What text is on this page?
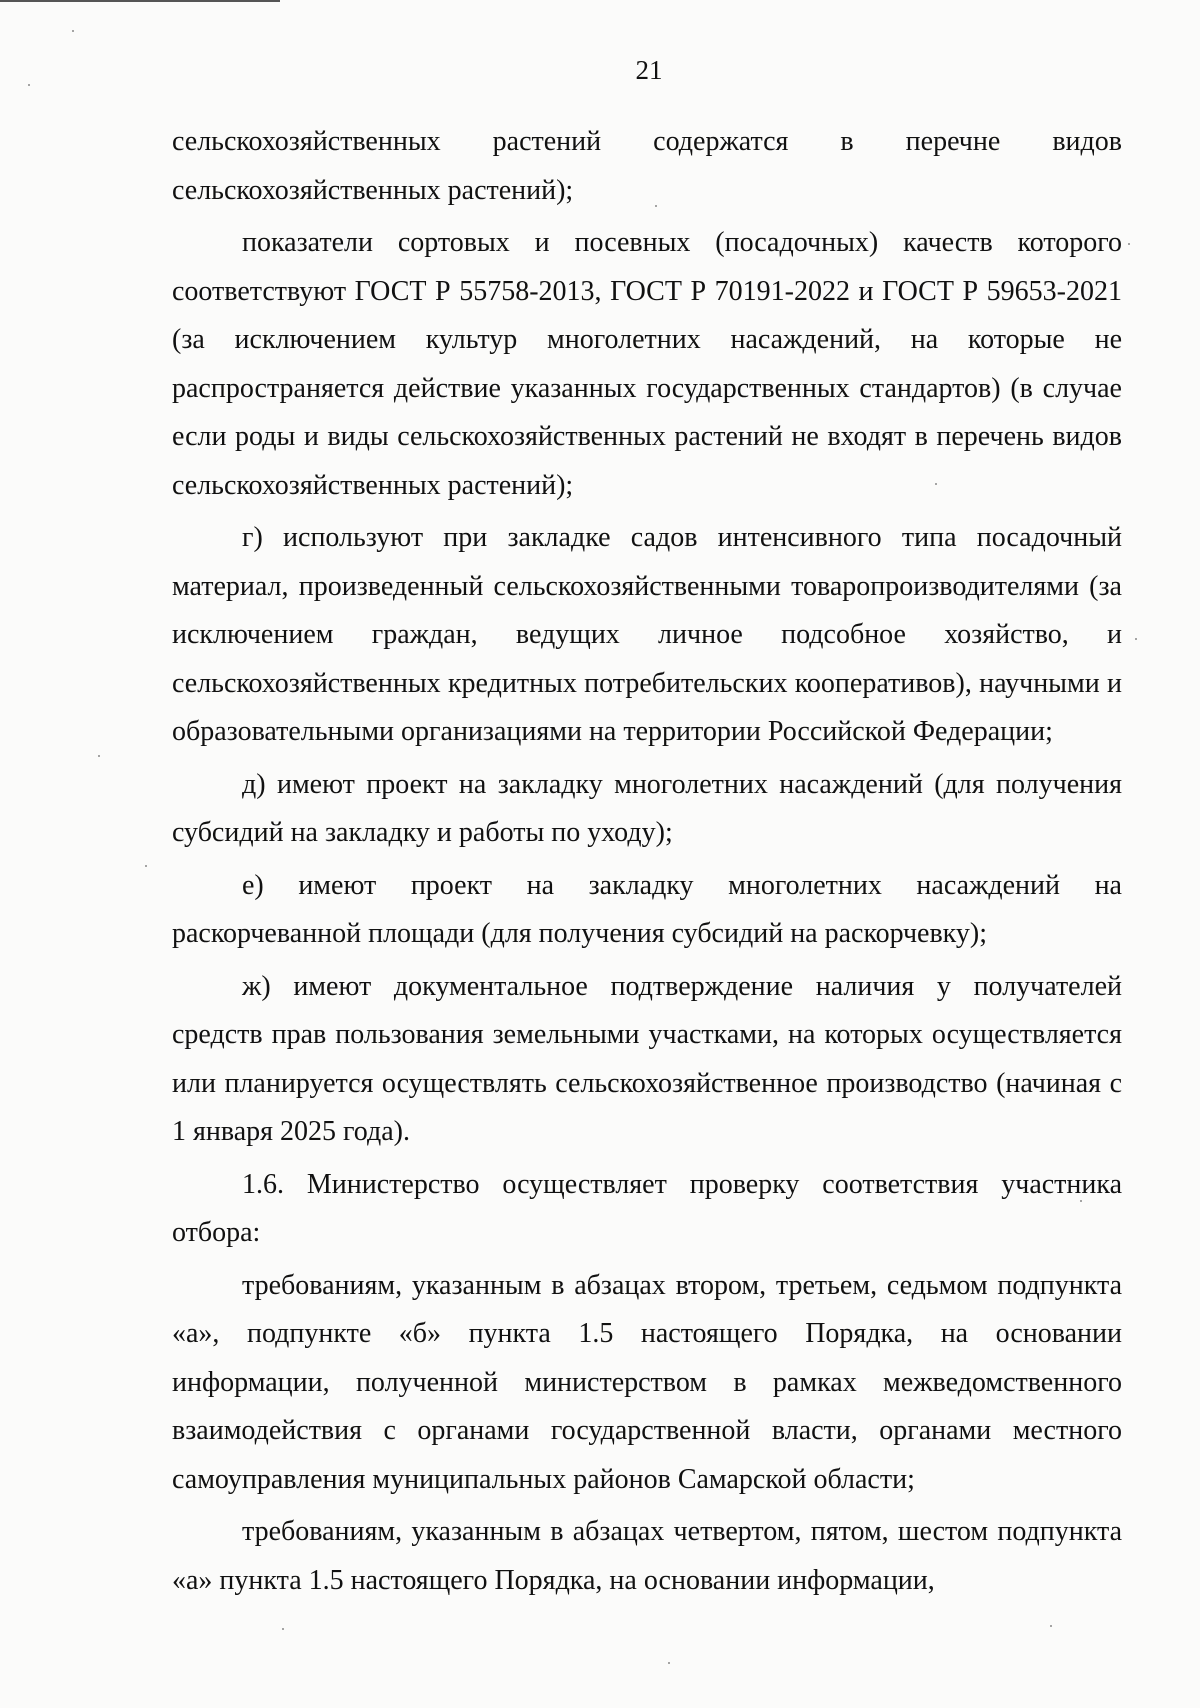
21

сельскохозяйственных растений содержатся в перечне видов сельскохозяйственных растений);

показатели сортовых и посевных (посадочных) качеств которого соответствуют ГОСТ Р 55758-2013, ГОСТ Р 70191-2022 и ГОСТ Р 59653-2021 (за исключением культур многолетних насаждений, на которые не распространяется действие указанных государственных стандартов) (в случае если роды и виды сельскохозяйственных растений не входят в перечень видов сельскохозяйственных растений);

г) используют при закладке садов интенсивного типа посадочный материал, произведенный сельскохозяйственными товаропроизводителями (за исключением граждан, ведущих личное подсобное хозяйство, и сельскохозяйственных кредитных потребительских кооперативов), научными и образовательными организациями на территории Российской Федерации;

д) имеют проект на закладку многолетних насаждений (для получения субсидий на закладку и работы по уходу);

е) имеют проект на закладку многолетних насаждений на раскорчеванной площади (для получения субсидий на раскорчевку);

ж) имеют документальное подтверждение наличия у получателей средств прав пользования земельными участками, на которых осуществляется или планируется осуществлять сельскохозяйственное производство (начиная с 1 января 2025 года).

1.6. Министерство осуществляет проверку соответствия участника отбора:

требованиям, указанным в абзацах втором, третьем, седьмом подпункта «а», подпункте «б» пункта 1.5 настоящего Порядка, на основании информации, полученной министерством в рамках межведомственного взаимодействия с органами государственной власти, органами местного самоуправления муниципальных районов Самарской области;

требованиям, указанным в абзацах четвертом, пятом, шестом подпункта «а» пункта 1.5 настоящего Порядка, на основании информации,
